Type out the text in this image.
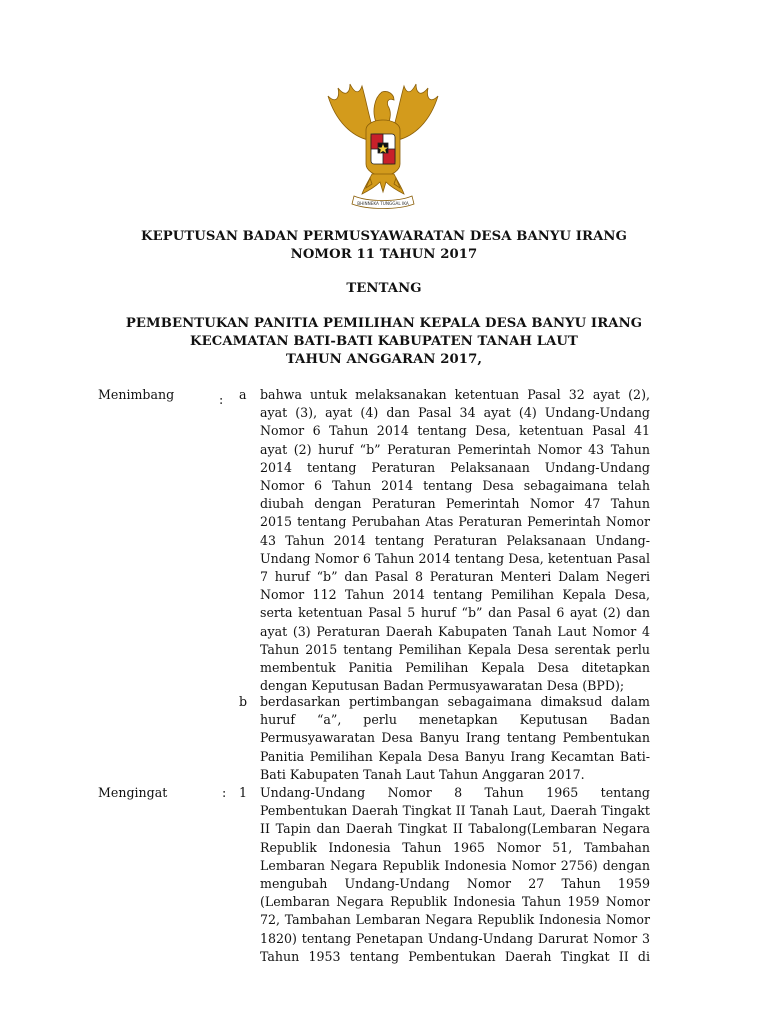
BHINNEKA TUNGGAL IKA
KEPUTUSAN BADAN PERMUSYAWARATAN DESA BANYU IRANG
NOMOR 11 TAHUN 2017
TENTANG
PEMBENTUKAN PANITIA PEMILIHAN KEPALA DESA BANYU IRANG
KECAMATAN BATI-BATI KABUPATEN TANAH LAUT
TAHUN ANGGARAN 2017,
Menimbang	: a bahwa untuk melaksanakan ketentuan Pasal 32 ayat (2),
ayat (3), ayat (4) dan Pasal 34 ayat (4) Undang-Undang
Nomor 6 Tahun 2014 tentang Desa, ketentuan Pasal 41
ayat (2) huruf “b” Peraturan Pemerintah Nomor 43 Tahun
2014 tentang Peraturan Pelaksanaan Undang-Undang
Nomor 6 Tahun 2014 tentang Desa sebagaimana telah
diubah dengan Peraturan Pemerintah Nomor 47 Tahun
2015 tentang Perubahan Atas Peraturan Pemerintah Nomor
43 Tahun 2014 tentang Peraturan Pelaksanaan Undang-
Undang Nomor 6 Tahun 2014 tentang Desa, ketentuan Pasal
7 huruf “b” dan Pasal 8 Peraturan Menteri Dalam Negeri
Nomor 112 Tahun 2014 tentang Pemilihan Kepala Desa,
serta ketentuan Pasal 5 huruf “b” dan Pasal 6 ayat (2) dan
ayat (3) Peraturan Daerah Kabupaten Tanah Laut Nomor 4
Tahun 2015 tentang Pemilihan Kepala Desa serentak perlu
membentuk Panitia Pemilihan Kepala Desa ditetapkan
dengan Keputusan Badan Permusyawaratan Desa (BPD);
b berdasarkan pertimbangan sebagaimana dimaksud dalam
huruf “a”, perlu menetapkan Keputusan Badan
Permusyawaratan Desa Banyu Irang tentang Pembentukan
Panitia Pemilihan Kepala Desa Banyu Irang Kecamtan Bati-
Bati Kabupaten Tanah Laut Tahun Anggaran 2017.
Mengingat	: 1 Undang-Undang Nomor 8 Tahun 1965 tentang
Pembentukan Daerah Tingkat II Tanah Laut, Daerah Tingakt
II Tapin dan Daerah Tingkat II Tabalong(Lembaran Negara
Republik Indonesia Tahun 1965 Nomor 51, Tambahan
Lembaran Negara Republik Indonesia Nomor 2756) dengan
mengubah Undang-Undang Nomor 27 Tahun 1959
(Lembaran Negara Republik Indonesia Tahun 1959 Nomor
72, Tambahan Lembaran Negara Republik Indonesia Nomor
1820) tentang Penetapan Undang-Undang Darurat Nomor 3
Tahun 1953 tentang Pembentukan Daerah Tingkat II di
